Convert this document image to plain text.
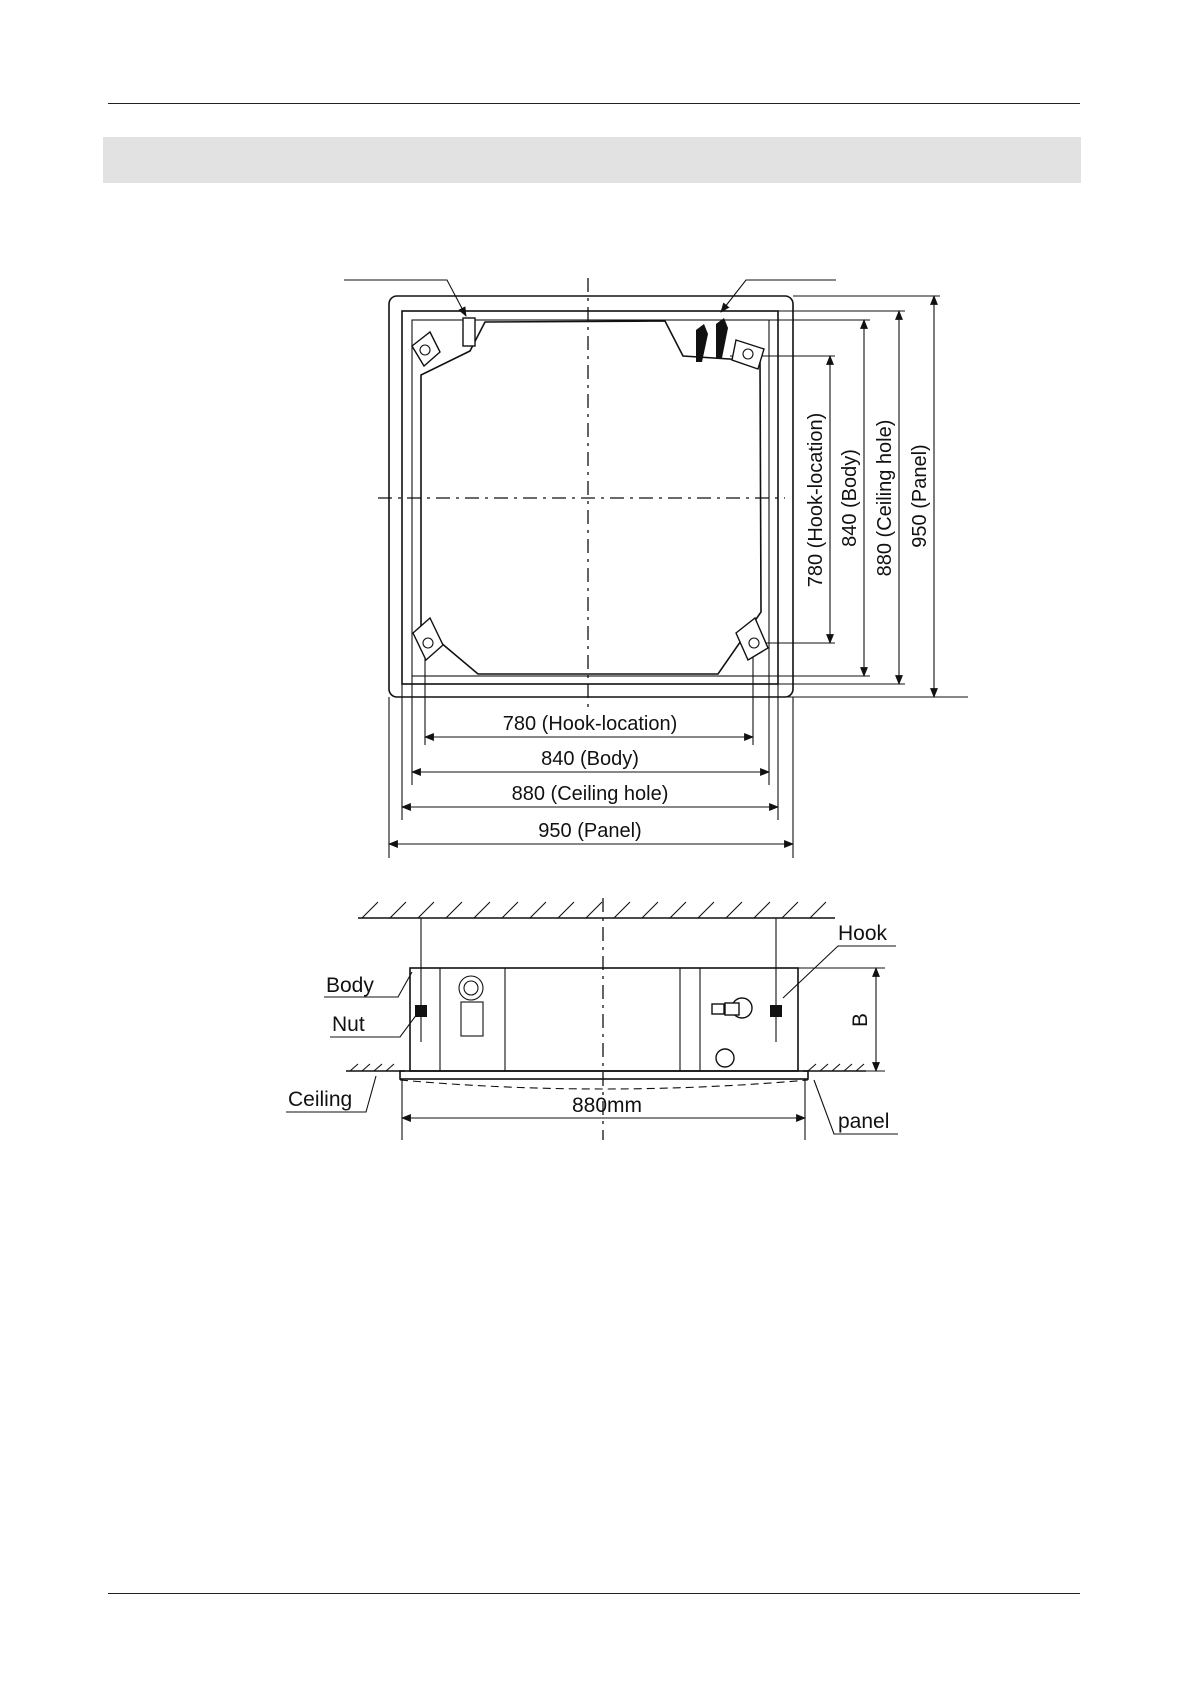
780 (Hook-location)
840 (Body)
880 (Ceiling hole)
950 (Panel)
780 (Hook-location) 840 (Body) 880 (Ceiling hole) 950 (Panel)
B
880mm
Body
Nut
Ceiling
Hook
panel
